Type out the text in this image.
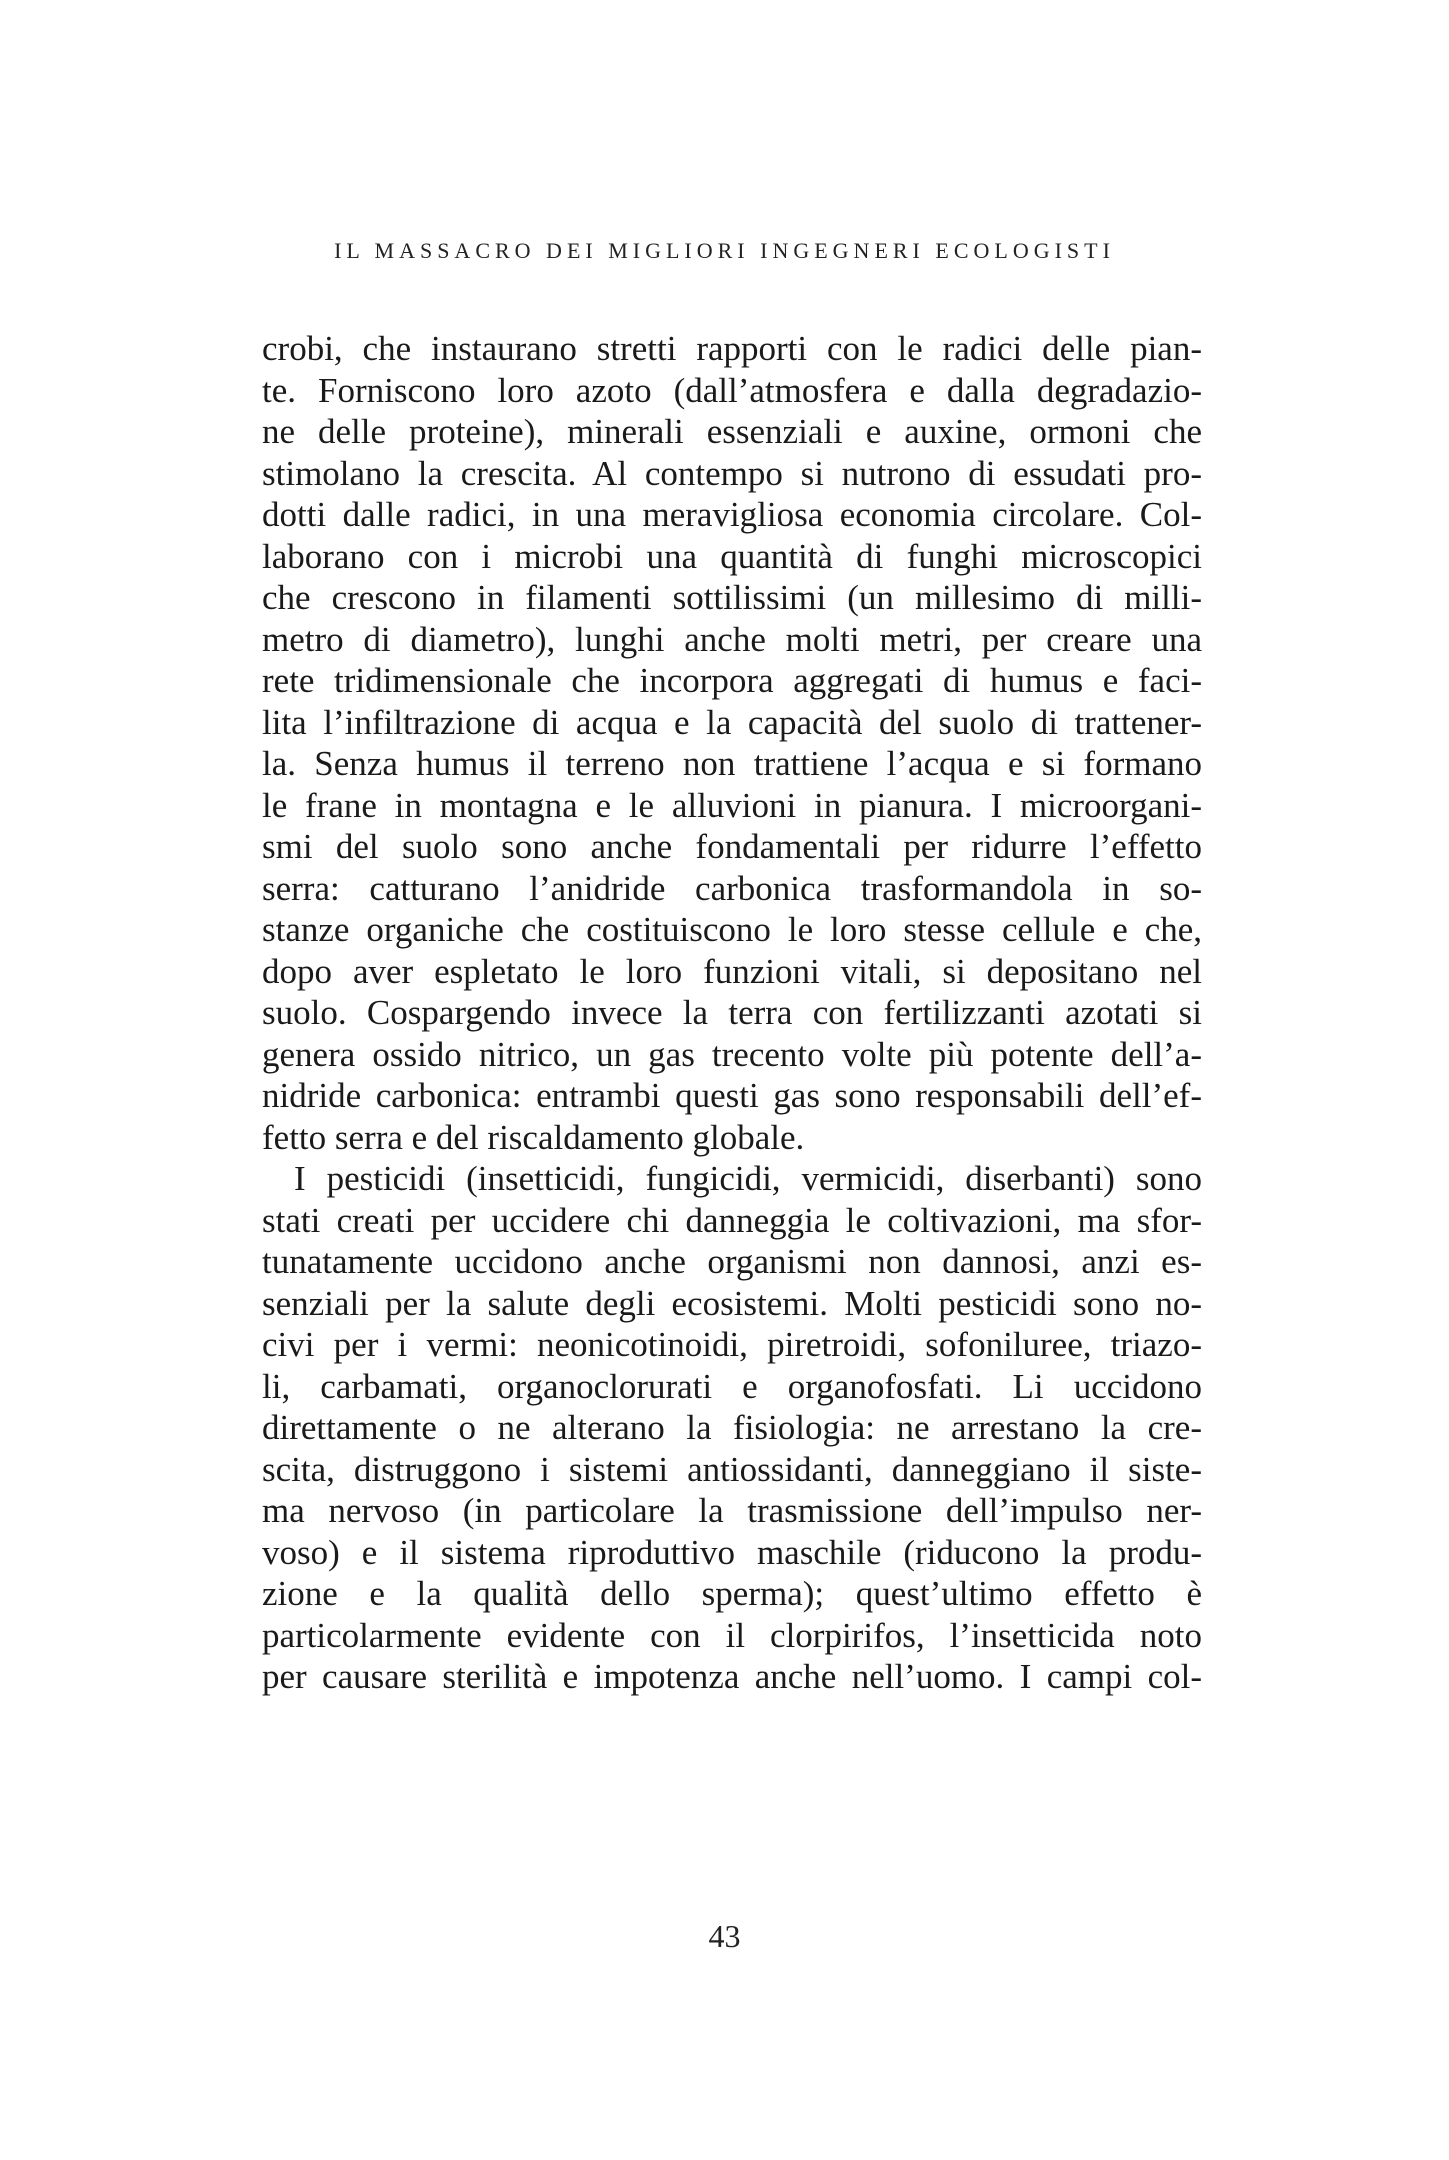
IL MASSACRO DEI MIGLIORI INGEGNERI ECOLOGISTI
crobi, che instaurano stretti rapporti con le radici delle pian-
te. Forniscono loro azoto (dall’atmosfera e dalla degradazio-
ne delle proteine), minerali essenziali e auxine, ormoni che
stimolano la crescita. Al contempo si nutrono di essudati pro-
dotti dalle radici, in una meravigliosa economia circolare. Col-
laborano con i microbi una quantità di funghi microscopici
che crescono in filamenti sottilissimi (un millesimo di milli-
metro di diametro), lunghi anche molti metri, per creare una
rete tridimensionale che incorpora aggregati di humus e faci-
lita l’infiltrazione di acqua e la capacità del suolo di trattener-
la. Senza humus il terreno non trattiene l’acqua e si formano
le frane in montagna e le alluvioni in pianura. I microorgani-
smi del suolo sono anche fondamentali per ridurre l’effetto
serra: catturano l’anidride carbonica trasformandola in so-
stanze organiche che costituiscono le loro stesse cellule e che,
dopo aver espletato le loro funzioni vitali, si depositano nel
suolo. Cospargendo invece la terra con fertilizzanti azotati si
genera ossido nitrico, un gas trecento volte più potente dell’a-
nidride carbonica: entrambi questi gas sono responsabili dell’ef-
fetto serra e del riscaldamento globale.
I pesticidi (insetticidi, fungicidi, vermicidi, diserbanti) sono
stati creati per uccidere chi danneggia le coltivazioni, ma sfor-
tunatamente uccidono anche organismi non dannosi, anzi es-
senziali per la salute degli ecosistemi. Molti pesticidi sono no-
civi per i vermi: neonicotinoidi, piretroidi, sofoniluree, triazo-
li, carbamati, organoclorurati e organofosfati. Li uccidono
direttamente o ne alterano la fisiologia: ne arrestano la cre-
scita, distruggono i sistemi antiossidanti, danneggiano il siste-
ma nervoso (in particolare la trasmissione dell’impulso ner-
voso) e il sistema riproduttivo maschile (riducono la produ-
zione e la qualità dello sperma); quest’ultimo effetto è
particolarmente evidente con il clorpirifos, l’insetticida noto
per causare sterilità e impotenza anche nell’uomo. I campi col-
43
